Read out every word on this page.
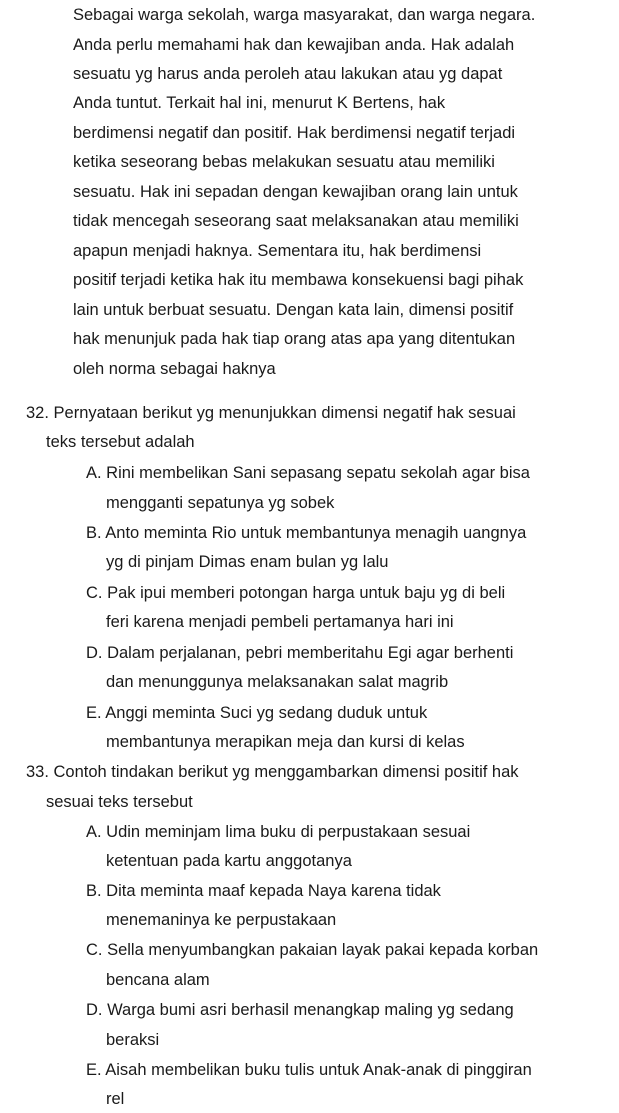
Sebagai warga sekolah, warga masyarakat, dan warga negara.
Anda perlu memahami hak dan kewajiban anda. Hak adalah
sesuatu yg harus anda peroleh atau lakukan atau yg dapat
Anda tuntut. Terkait hal ini, menurut K Bertens, hak
berdimensi negatif dan positif. Hak berdimensi negatif terjadi
ketika seseorang bebas melakukan sesuatu atau memiliki
sesuatu. Hak ini sepadan dengan kewajiban orang lain untuk
tidak mencegah seseorang saat melaksanakan atau memiliki
apapun menjadi haknya. Sementara itu, hak berdimensi
positif terjadi ketika hak itu membawa konsekuensi bagi pihak
lain untuk berbuat sesuatu. Dengan kata lain, dimensi positif
hak menunjuk pada hak tiap orang atas apa yang ditentukan
oleh norma sebagai haknya
32. Pernyataan berikut yg menunjukkan dimensi negatif hak sesuai
teks tersebut adalah
A. Rini membelikan Sani sepasang sepatu sekolah agar bisa
mengganti sepatunya yg sobek
B. Anto meminta Rio untuk membantunya menagih uangnya
yg di pinjam Dimas enam bulan yg lalu
C. Pak ipui memberi potongan harga untuk baju yg di beli
feri karena menjadi pembeli pertamanya hari ini
D. Dalam perjalanan, pebri memberitahu Egi agar berhenti
dan menunggunya melaksanakan salat magrib
E. Anggi meminta Suci yg sedang duduk untuk
membantunya merapikan meja dan kursi di kelas
33. Contoh tindakan berikut yg menggambarkan dimensi positif hak
sesuai teks tersebut
A. Udin meminjam lima buku di perpustakaan sesuai
ketentuan pada kartu anggotanya
B. Dita meminta maaf kepada Naya karena tidak
menemaninya ke perpustakaan
C. Sella menyumbangkan pakaian layak pakai kepada korban
bencana alam
D. Warga bumi asri berhasil menangkap maling yg sedang
beraksi
E. Aisah membelikan buku tulis untuk Anak-anak di pinggiran
rel
